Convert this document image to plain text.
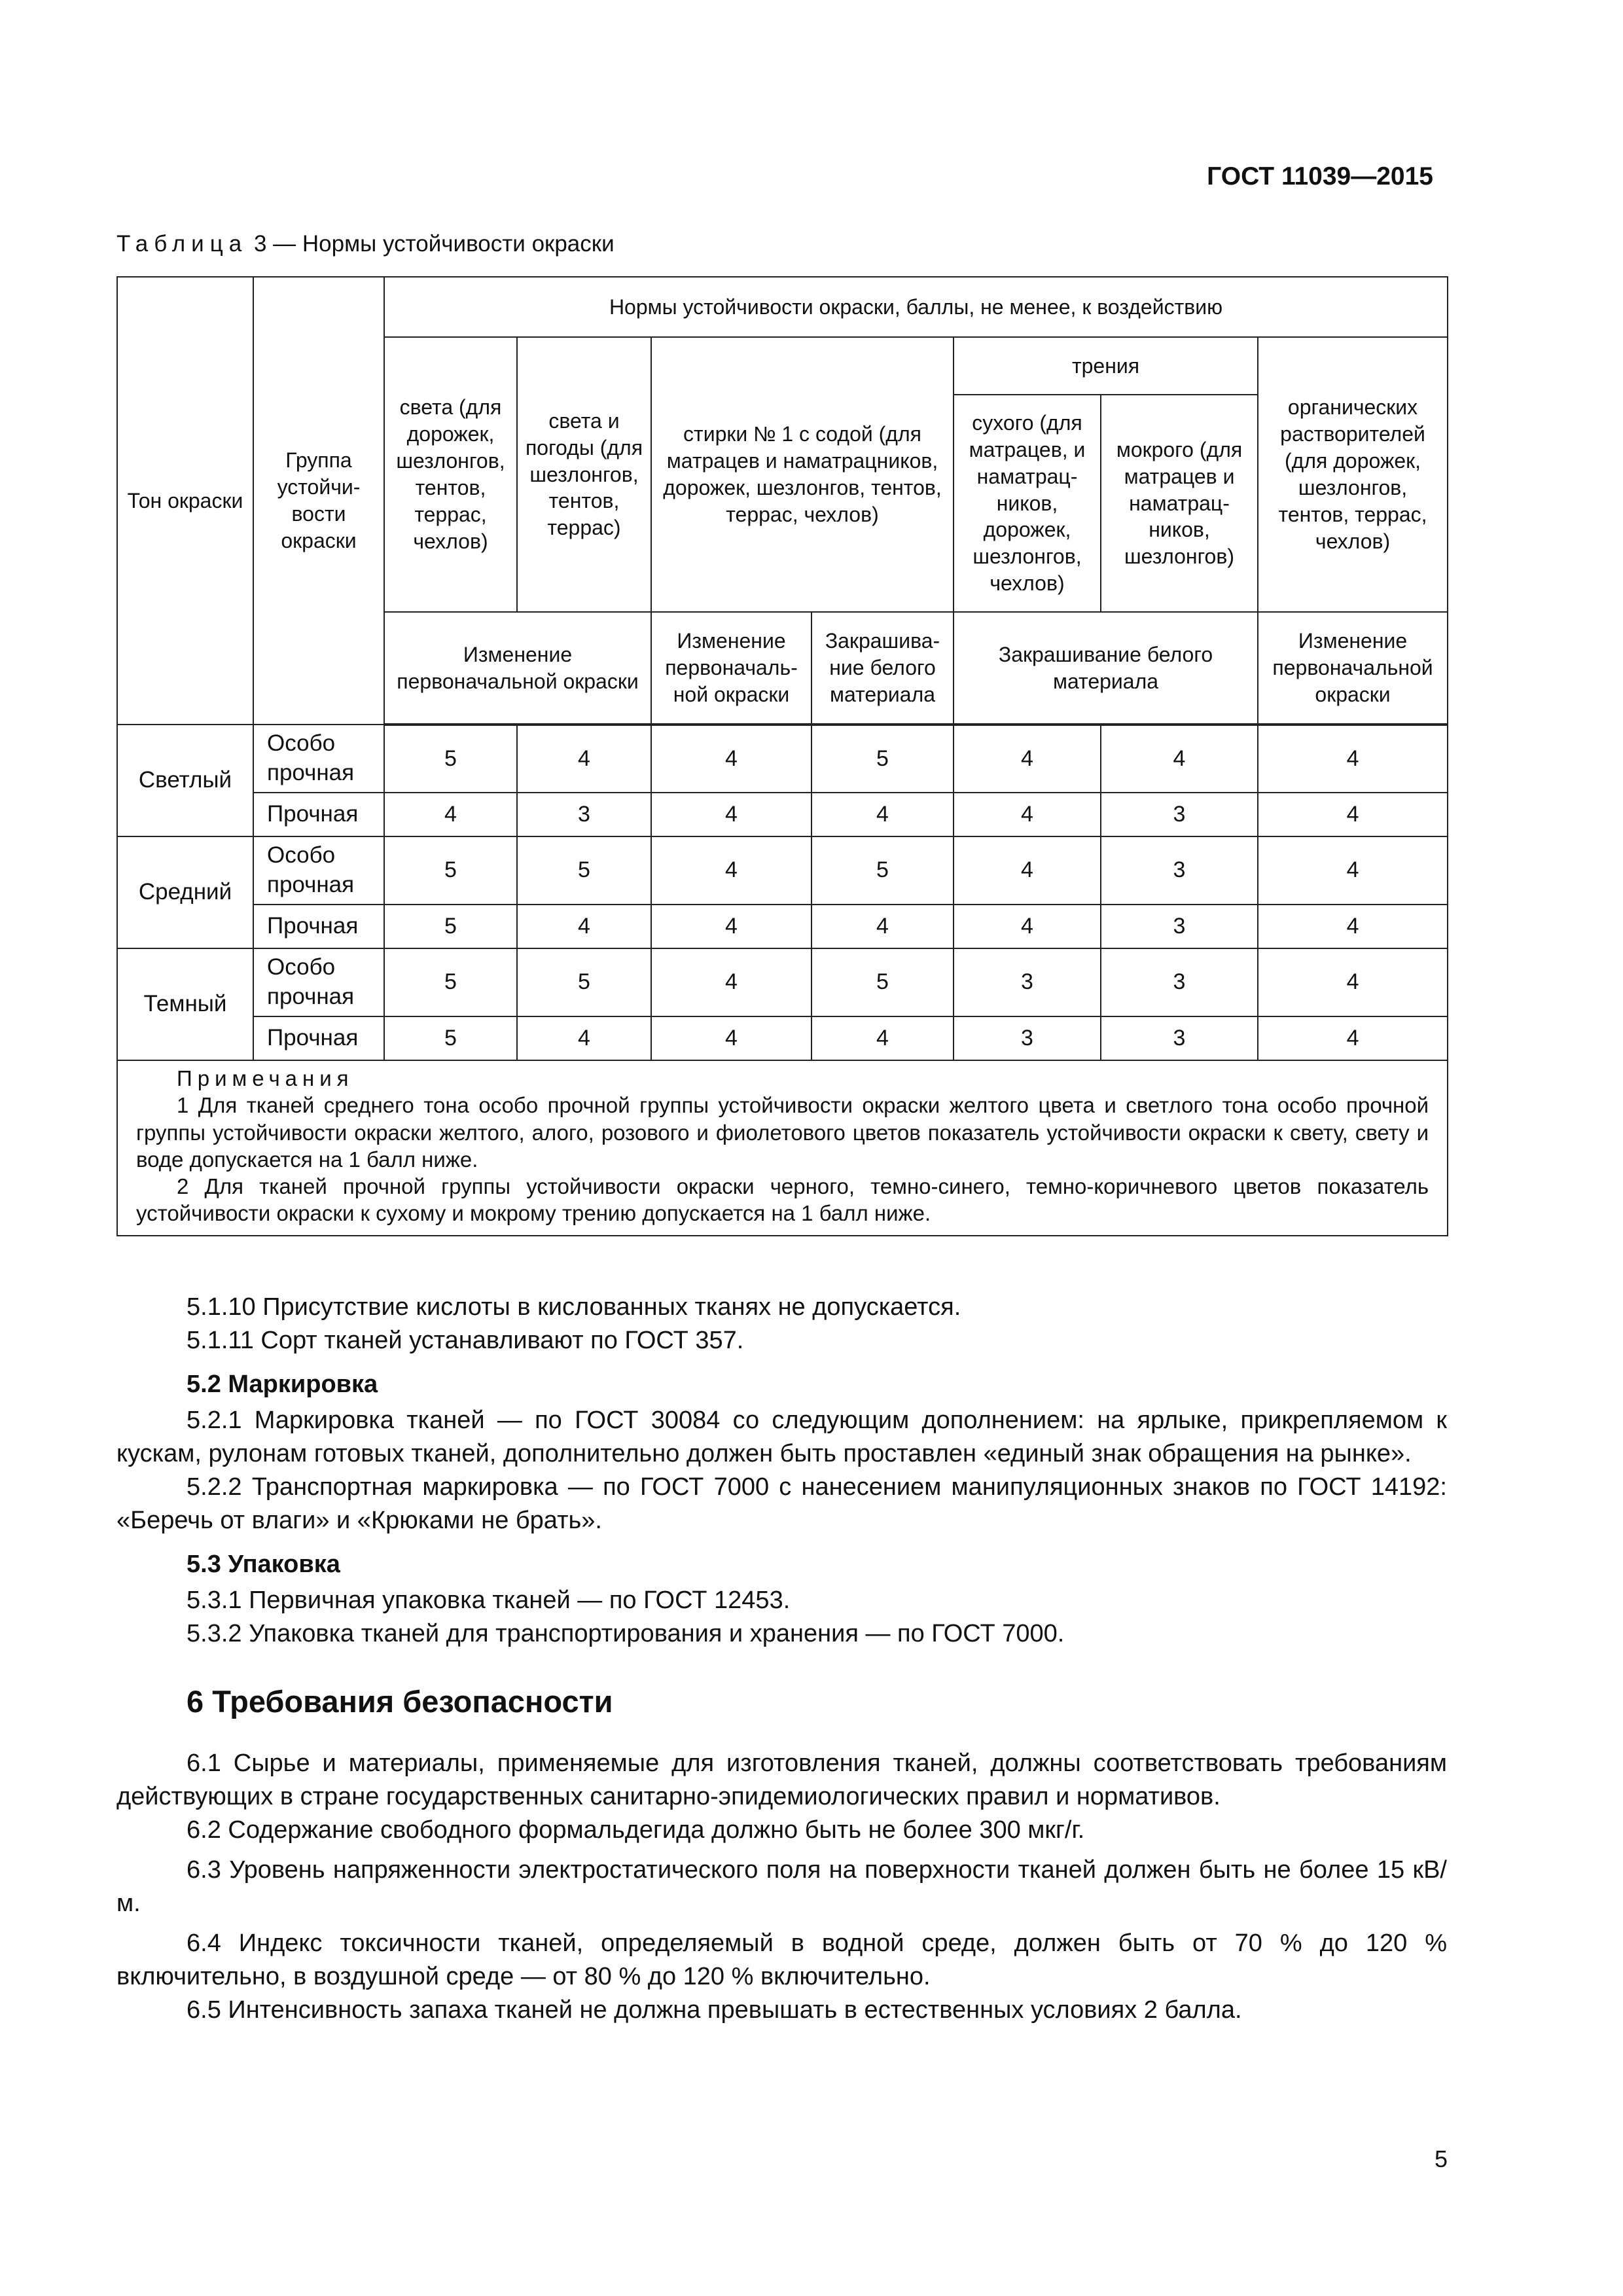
ГОСТ 11039—2015
Таблица 3 — Нормы устойчивости окраски
Тон окраски	Группа устойчи-вости окраски	Нормы устойчивости окраски, баллы, не менее, к воздействию						
		света (для дорожек, шезлонгов, тентов, террас, чехлов)	света и погоды (для шезлонгов, тентов, террас)	стирки № 1 с содой (для матрацев и наматрацников, дорожек, шезлонгов, тентов, террас, чехлов)		трения		органических растворителей (для дорожек, шезлонгов, тентов, террас, чехлов)
						сухого (для матрацев, и наматрац-ников, дорожек, шезлонгов, чехлов)	мокрого (для матрацев и наматрац-ников, шезлонгов)	
		Изменение первоначальной окраски		Изменение первоначаль-ной окраски	Закрашива-ние белого материала	Закрашивание белого материала		Изменение первоначальной окраски
Светлый	Особо прочная	5	4	4	5	4	4	4
	Прочная	4	3	4	4	4	3	4
Средний	Особо прочная	5	5	4	5	4	3	4
	Прочная	5	4	4	4	4	3	4
Темный	Особо прочная	5	5	4	5	3	3	4
	Прочная	5	4	4	4	3	3	4

Примечания
1 Для тканей среднего тона особо прочной группы устойчивости окраски желтого цвета и светлого тона особо прочной группы устойчивости окраски желтого, алого, розового и фиолетового цветов показатель устойчивости окраски к свету, свету и воде допускается на 1 балл ниже.
2 Для тканей прочной группы устойчивости окраски черного, темно-синего, темно-коричневого цветов показатель устойчивости окраски к сухому и мокрому трению допускается на 1 балл ниже.								

5.1.10 Присутствие кислоты в кислованных тканях не допускается.

5.1.11 Сорт тканей устанавливают по ГОСТ 357.

5.2 Маркировка

5.2.1 Маркировка тканей — по ГОСТ 30084 со следующим дополнением: на ярлыке, прикрепляемом к кускам, рулонам готовых тканей, дополнительно должен быть проставлен «единый знак обращения на рынке».

5.2.2 Транспортная маркировка — по ГОСТ 7000 с нанесением манипуляционных знаков по ГОСТ 14192: «Беречь от влаги» и «Крюками не брать».

5.3 Упаковка

5.3.1 Первичная упаковка тканей — по ГОСТ 12453.

5.3.2 Упаковка тканей для транспортирования и хранения — по ГОСТ 7000.

6 Требования безопасности

6.1 Сырье и материалы, применяемые для изготовления тканей, должны соответствовать требованиям действующих в стране государственных санитарно-эпидемиологических правил и нормативов.

6.2 Содержание свободного формальдегида должно быть не более 300 мкг/г.

6.3 Уровень напряженности электростатического поля на поверхности тканей должен быть не более 15 кВ/м.

6.4 Индекс токсичности тканей, определяемый в водной среде, должен быть от 70 % до 120 % включительно, в воздушной среде — от 80 % до 120 % включительно.

6.5 Интенсивность запаха тканей не должна превышать в естественных условиях 2 балла.

5
